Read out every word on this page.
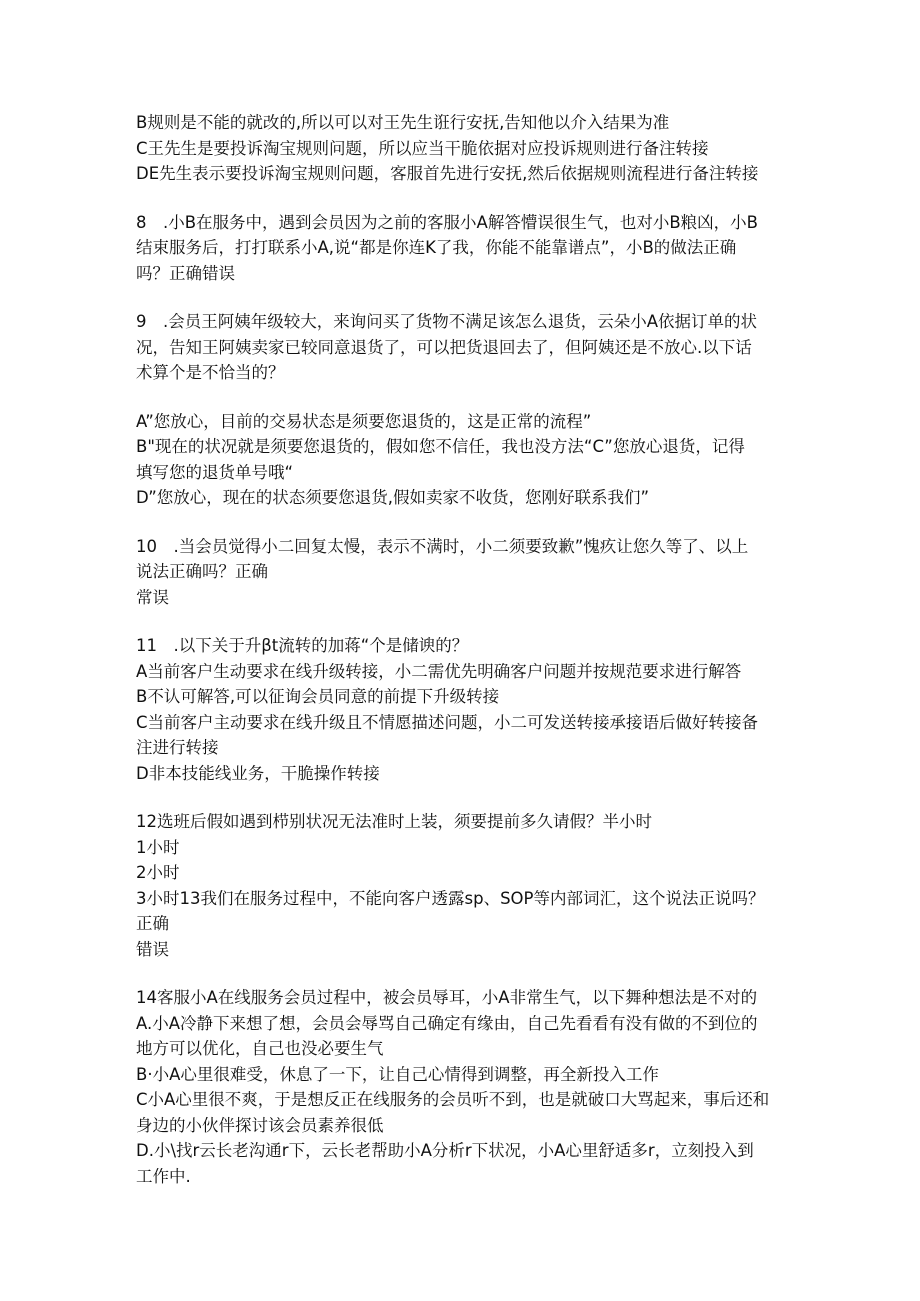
B规则是不能的就改的,所以可以对王先生诳行安抚,告知他以介入结果为准
C王先生是要投诉淘宝规则问题，所以应当干脆依据对应投诉规则进行备注转接
DE先生表示要投诉淘宝规则问题，客服首先进行安抚,然后依据规则流程进行备注转接
8　.小B在服务中，遇到会员因为之前的客服小A解答懵误很生气，也对小B粮凶，小B
结束服务后，打打联系小A,说“都是你连K了我，你能不能靠谱点”，小B的做法正确
吗？正确错误
9　.会员王阿姨年级较大，来询问买了货物不满足该怎么退货，云朵小A依据订单的状
况，告知王阿姨卖家已较同意退货了，可以把货退回去了，但阿姨还是不放心.以下话
术算个是不恰当的？
A”您放心，目前的交易状态是须要您退货的，这是正常的流程”
B"现在的状况就是须要您退货的，假如您不信任，我也没方法“C”您放心退货，记得
填写您的退货单号哦“
D”您放心，现在的状态须要您退货,假如卖家不收货，您刚好联系我们”
10　.当会员觉得小二回复太慢，表示不满时，小二须要致歉”愧疚让您久等了、以上
说法正确吗？正确
常误
11　.以下关于升βt流转的加蒋“个是储谀的？
A当前客户生动要求在线升级转接，小二需优先明确客户问题并按规范要求进行解答
B不认可解答,可以征询会员同意的前提下升级转接
C当前客户主动要求在线升级且不情愿描述问题，小二可发送转接承接语后做好转接备
注进行转接
D非本技能线业务，干脆操作转接
12选班后假如遇到栉别状况无法准时上装，须要提前多久请假？半小时
1小时
2小时
3小时13我们在服务过程中，不能向客户透露sp、SOP等内部词汇，这个说法正说吗？
正确
错误
14客服小A在线服务会员过程中，被会员辱耳，小A非常生气，以下舞种想法是不对的
A.小A冷静下来想了想，会员会辱骂自己确定有缘由，自己先看看有没有做的不到位的
地方可以优化，自己也没必要生气
B·小A心里很难受，休息了一下，让自己心情得到调整，再全新投入工作
C小A心里很不爽，于是想反正在线服务的会员听不到，也是就破口大骂起来，事后还和
身边的小伙伴探讨该会员素养很低
D.小\找r云长老沟通r下，云长老帮助小A分析r下状况，小A心里舒适多r，立刻投入到
工作中.
